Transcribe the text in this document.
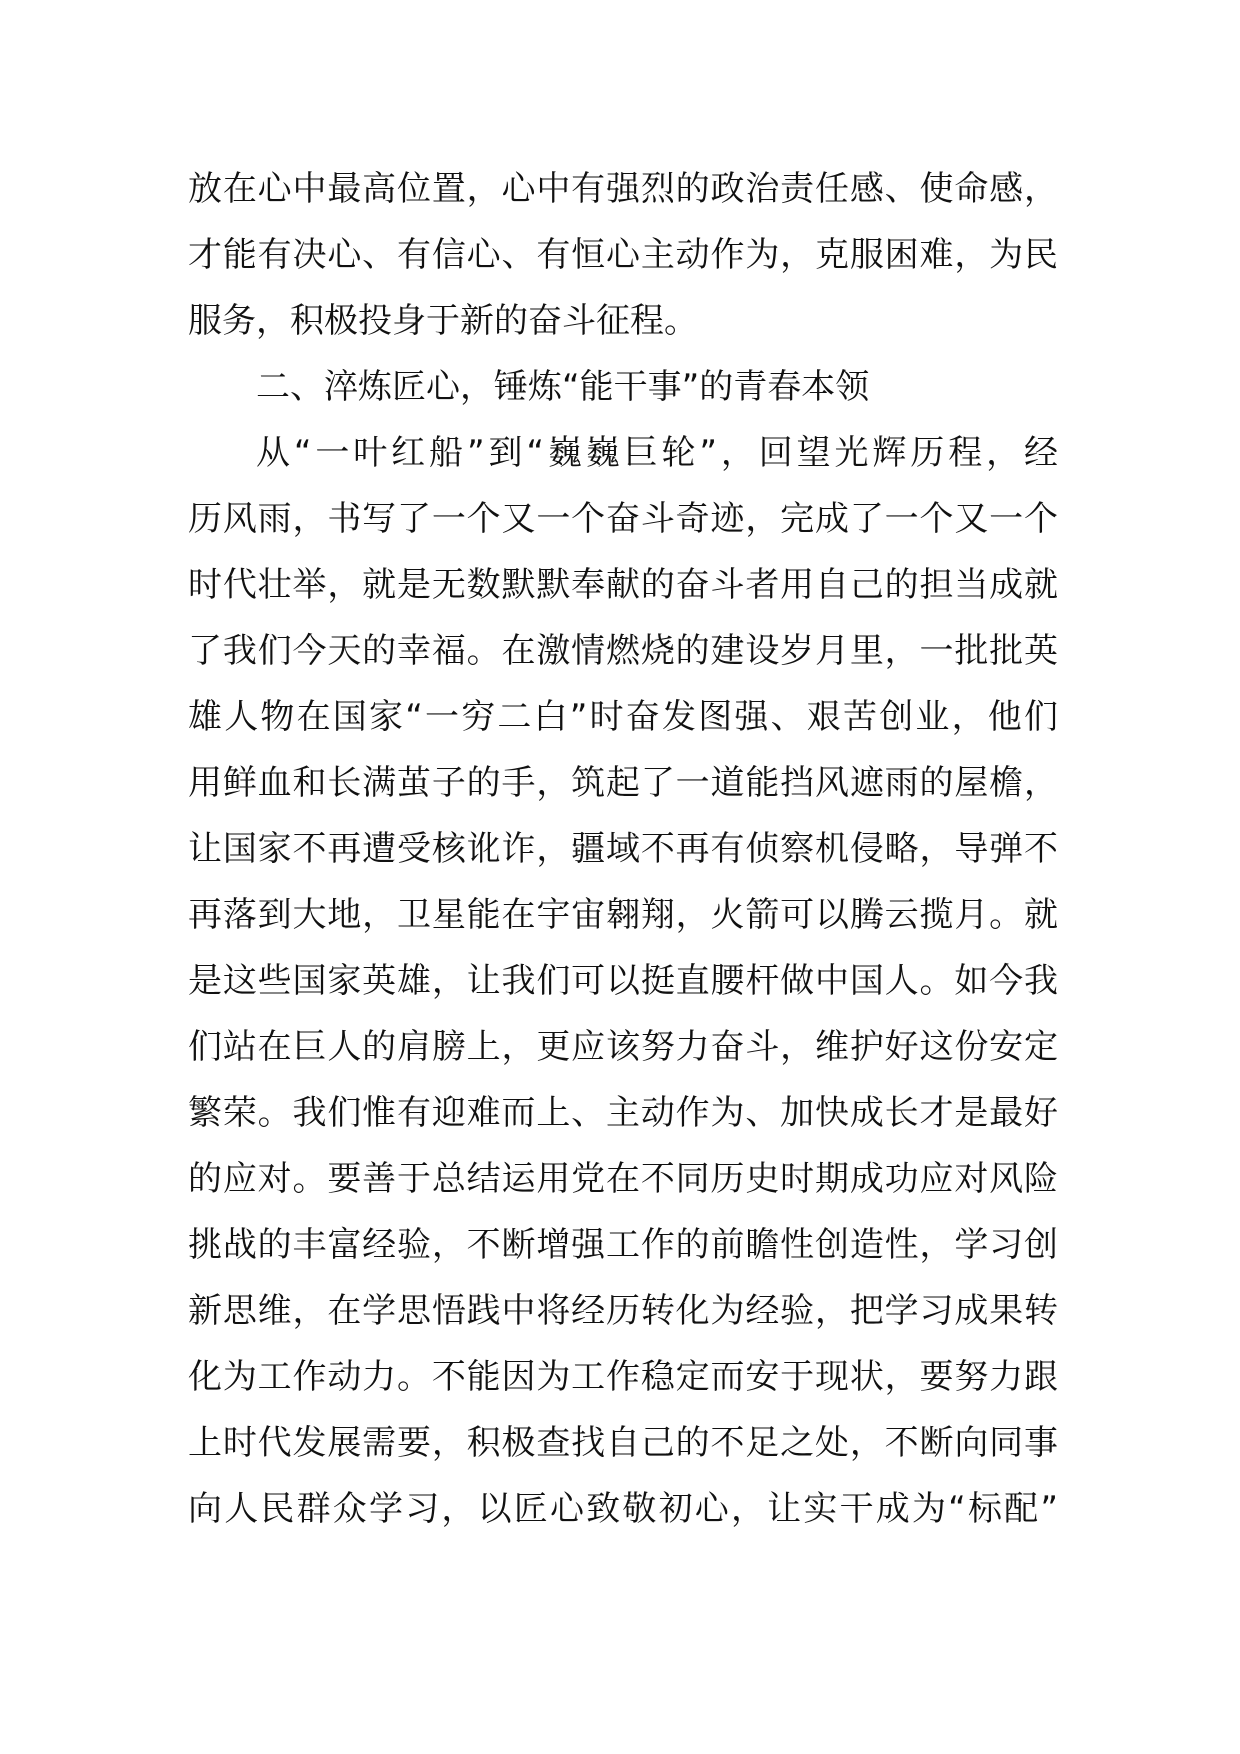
放在心中最高位置，心中有强烈的政治责任感、使命感，
才能有决心、有信心、有恒心主动作为，克服困难，为民
服务，积极投身于新的奋斗征程。
二、淬炼匠心，锤炼“能干事”的青春本领
从“一叶红船”到“巍巍巨轮”，回望光辉历程，经
历风雨，书写了一个又一个奋斗奇迹，完成了一个又一个
时代壮举，就是无数默默奉献的奋斗者用自己的担当成就
了我们今天的幸福。在激情燃烧的建设岁月里，一批批英
雄人物在国家“一穷二白”时奋发图强、艰苦创业，他们
用鲜血和长满茧子的手，筑起了一道能挡风遮雨的屋檐，
让国家不再遭受核讹诈，疆域不再有侦察机侵略，导弹不
再落到大地，卫星能在宇宙翱翔，火箭可以腾云揽月。就
是这些国家英雄，让我们可以挺直腰杆做中国人。如今我
们站在巨人的肩膀上，更应该努力奋斗，维护好这份安定
繁荣。我们惟有迎难而上、主动作为、加快成长才是最好
的应对。要善于总结运用党在不同历史时期成功应对风险
挑战的丰富经验，不断增强工作的前瞻性创造性，学习创
新思维，在学思悟践中将经历转化为经验，把学习成果转
化为工作动力。不能因为工作稳定而安于现状，要努力跟
上时代发展需要，积极查找自己的不足之处，不断向同事
向人民群众学习，以匠心致敬初心，让实干成为“标配”
